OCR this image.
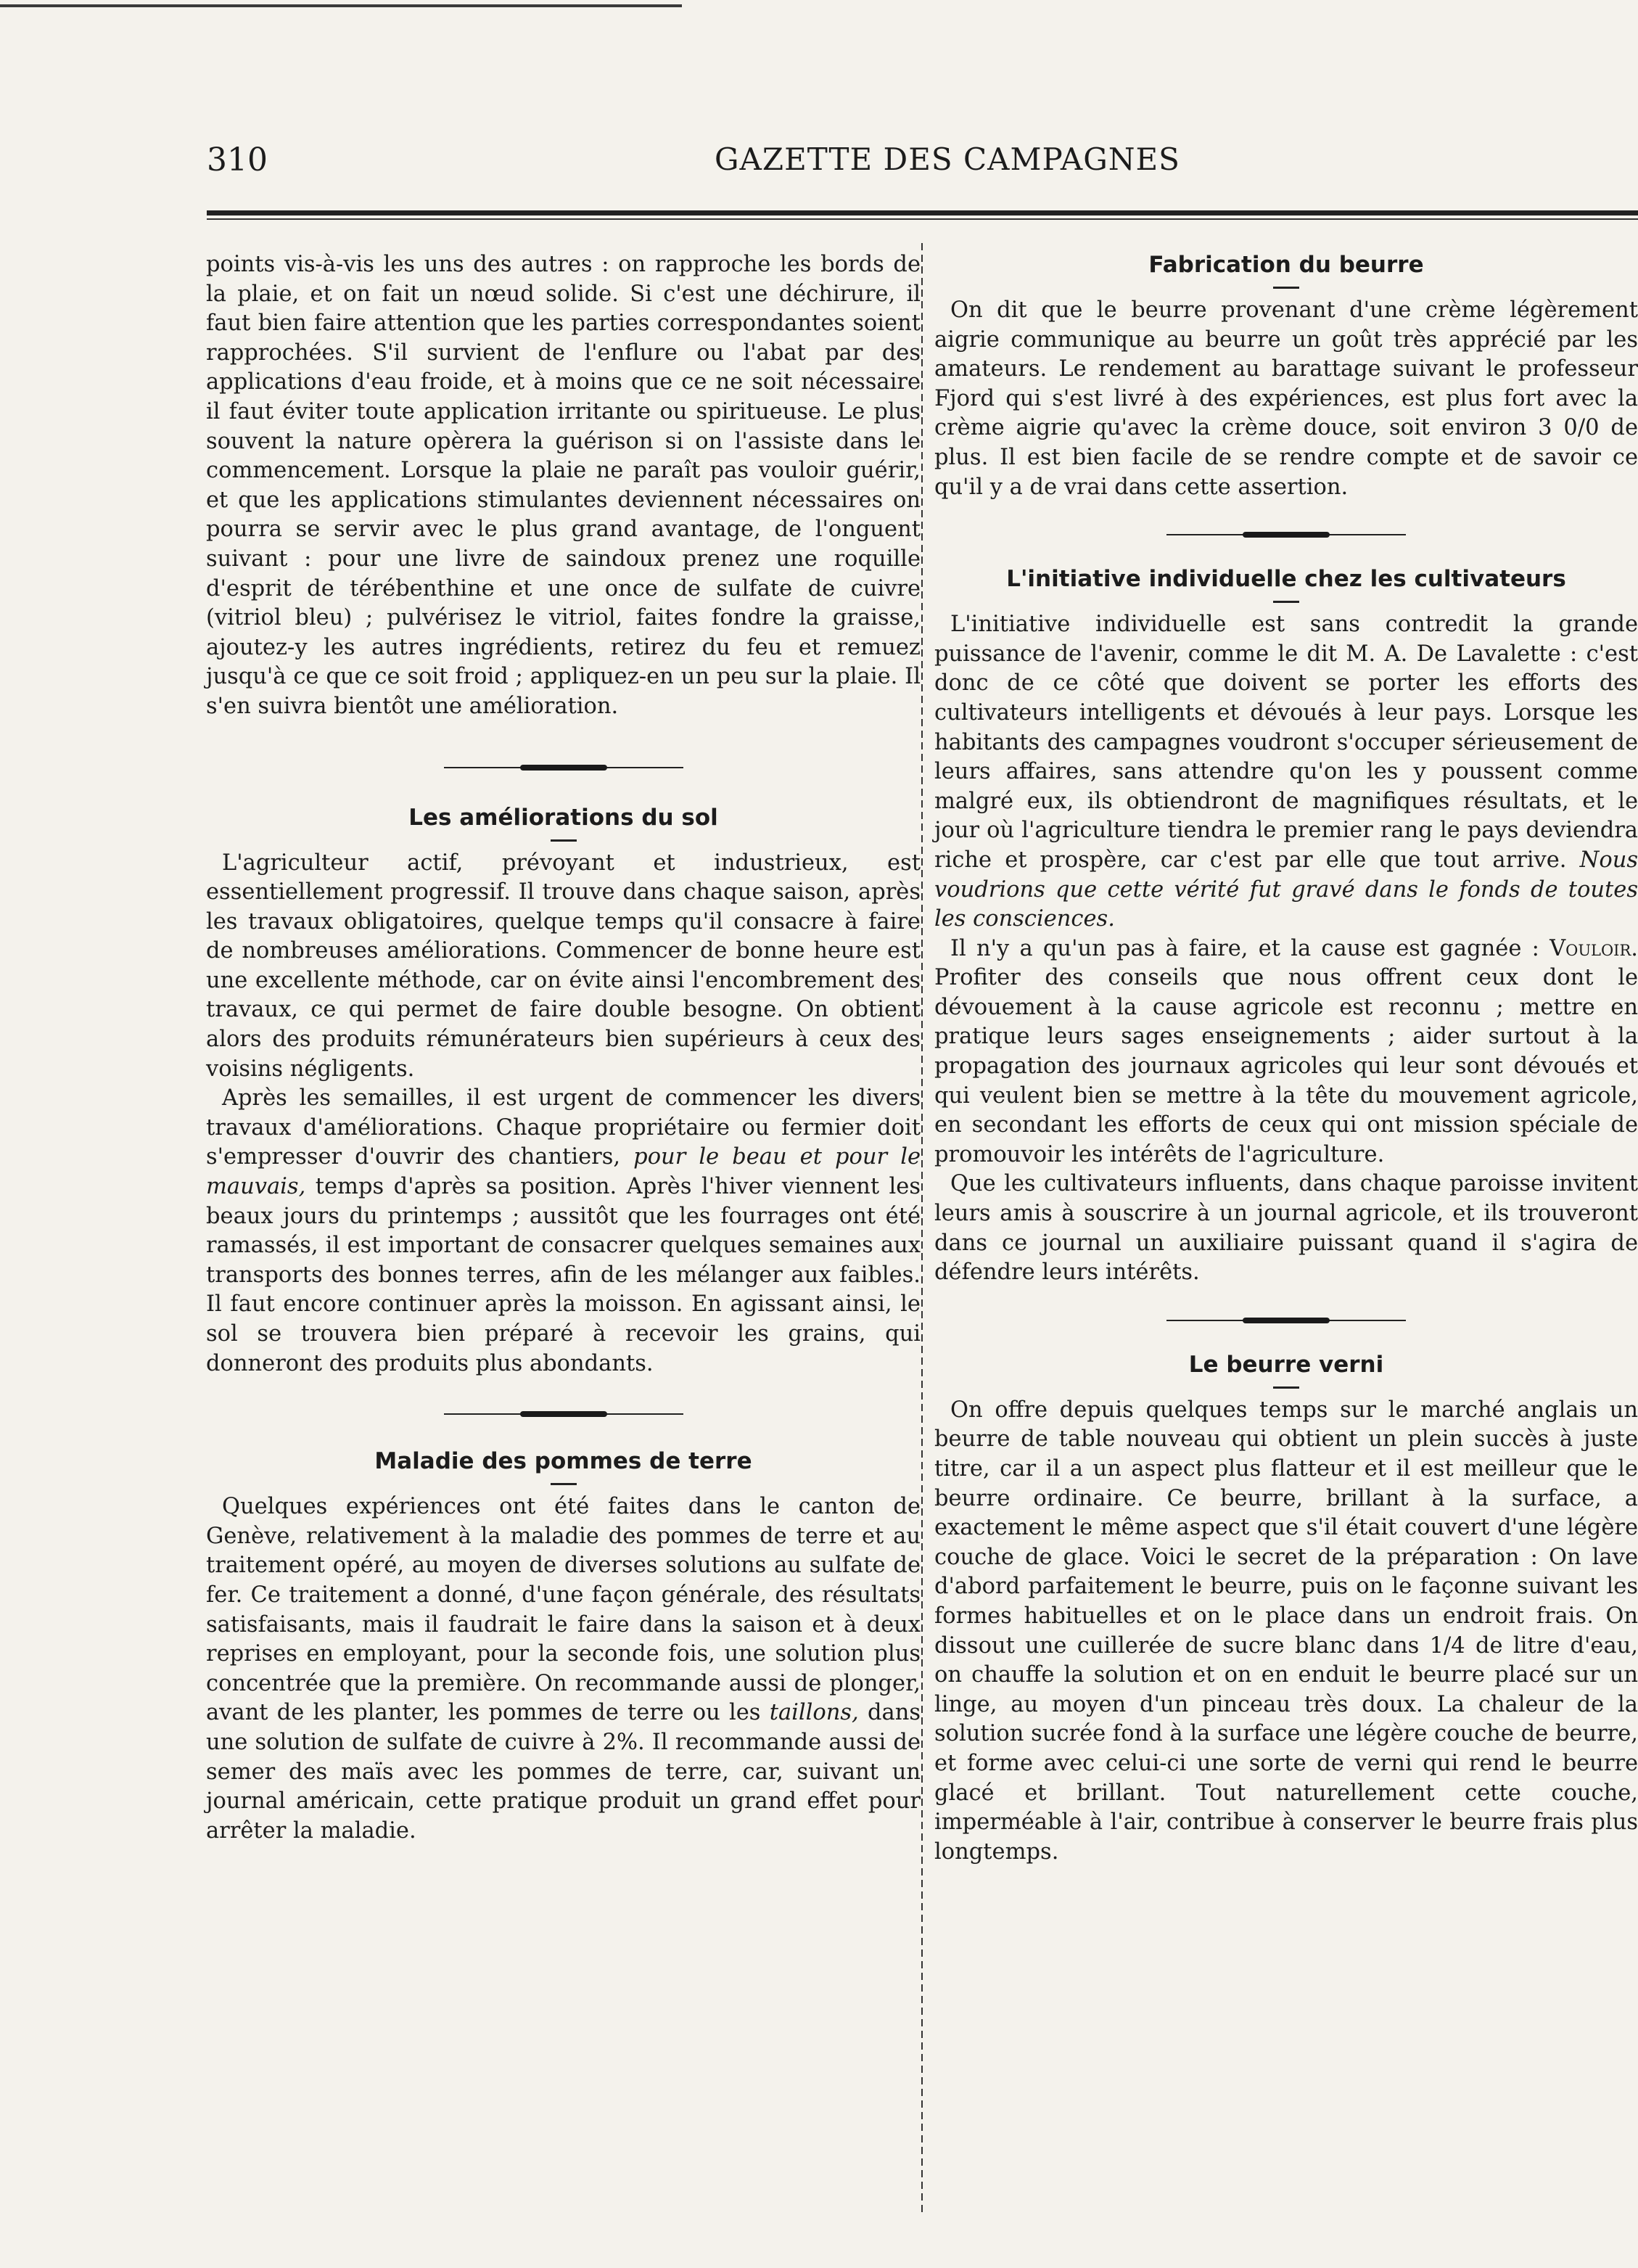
310	GAZETTE DES CAMPAGNES

points vis-à-vis les uns des autres : on rapproche les bords de la plaie, et on fait un nœud solide. Si c'est une déchirure, il faut bien faire attention que les parties correspondantes soient rapprochées. S'il survient de l'enflure ou l'abat par des applications d'eau froide, et à moins que ce ne soit nécessaire il faut éviter toute application irritante ou spiritueuse. Le plus souvent la nature opèrera la guérison si on l'assiste dans le commencement. Lorsque la plaie ne paraît pas vouloir guérir, et que les applications stimulantes deviennent nécessaires on pourra se servir avec le plus grand avantage, de l'onguent suivant : pour une livre de saindoux prenez une roquille d'esprit de térébenthine et une once de sulfate de cuivre (vitriol bleu) ; pulvérisez le vitriol, faites fondre la graisse, ajoutez-y les autres ingrédients, retirez du feu et remuez jusqu'à ce que ce soit froid ; appliquez-en un peu sur la plaie. Il s'en suivra bientôt une amélioration.

Les améliorations du sol

L'agriculteur actif, prévoyant et industrieux, est essentiellement progressif. Il trouve dans chaque saison, après les travaux obligatoires, quelque temps qu'il consacre à faire de nombreuses améliorations. Commencer de bonne heure est une excellente méthode, car on évite ainsi l'encombrement des travaux, ce qui permet de faire double besogne. On obtient alors des produits rémunérateurs bien supérieurs à ceux des voisins négligents.

Après les semailles, il est urgent de commencer les divers travaux d'améliorations. Chaque propriétaire ou fermier doit s'empresser d'ouvrir des chantiers, pour le beau et pour le mauvais, temps d'après sa position. Après l'hiver viennent les beaux jours du printemps ; aussitôt que les fourrages ont été ramassés, il est important de consacrer quelques semaines aux transports des bonnes terres, afin de les mélanger aux faibles. Il faut encore continuer après la moisson. En agissant ainsi, le sol se trouvera bien préparé à recevoir les grains, qui donneront des produits plus abondants.

Maladie des pommes de terre

Quelques expériences ont été faites dans le canton de Genève, relativement à la maladie des pommes de terre et au traitement opéré, au moyen de diverses solutions au sulfate de fer. Ce traitement a donné, d'une façon générale, des résultats satisfaisants, mais il faudrait le faire dans la saison et à deux reprises en employant, pour la seconde fois, une solution plus concentrée que la première. On recommande aussi de plonger, avant de les planter, les pommes de terre ou les taillons, dans une solution de sulfate de cuivre à 2%. Il recommande aussi de semer des maïs avec les pommes de terre, car, suivant un journal américain, cette pratique produit un grand effet pour arrêter la maladie.

Fabrication du beurre

On dit que le beurre provenant d'une crème légèrement aigrie communique au beurre un goût très apprécié par les amateurs. Le rendement au barattage suivant le professeur Fjord qui s'est livré à des expériences, est plus fort avec la crème aigrie qu'avec la crème douce, soit environ 3 0/0 de plus. Il est bien facile de se rendre compte et de savoir ce qu'il y a de vrai dans cette assertion.

L'initiative individuelle chez les cultivateurs

L'initiative individuelle est sans contredit la grande puissance de l'avenir, comme le dit M. A. De Lavalette : c'est donc de ce côté que doivent se porter les efforts des cultivateurs intelligents et dévoués à leur pays. Lorsque les habitants des campagnes voudront s'occuper sérieusement de leurs affaires, sans attendre qu'on les y poussent comme malgré eux, ils obtiendront de magnifiques résultats, et le jour où l'agriculture tiendra le premier rang le pays deviendra riche et prospère, car c'est par elle que tout arrive. Nous voudrions que cette vérité fut gravé dans le fonds de toutes les consciences.

Il n'y a qu'un pas à faire, et la cause est gagnée : Vouloir. Profiter des conseils que nous offrent ceux dont le dévouement à la cause agricole est reconnu ; mettre en pratique leurs sages enseignements ; aider surtout à la propagation des journaux agricoles qui leur sont dévoués et qui veulent bien se mettre à la tête du mouvement agricole, en secondant les efforts de ceux qui ont mission spéciale de promouvoir les intérêts de l'agriculture.

Que les cultivateurs influents, dans chaque paroisse invitent leurs amis à souscrire à un journal agricole, et ils trouveront dans ce journal un auxiliaire puissant quand il s'agira de défendre leurs intérêts.

Le beurre verni

On offre depuis quelques temps sur le marché anglais un beurre de table nouveau qui obtient un plein succès à juste titre, car il a un aspect plus flatteur et il est meilleur que le beurre ordinaire. Ce beurre, brillant à la surface, a exactement le même aspect que s'il était couvert d'une légère couche de glace. Voici le secret de la préparation : On lave d'abord parfaitement le beurre, puis on le façonne suivant les formes habituelles et on le place dans un endroit frais. On dissout une cuillerée de sucre blanc dans 1/4 de litre d'eau, on chauffe la solution et on en enduit le beurre placé sur un linge, au moyen d'un pinceau très doux. La chaleur de la solution sucrée fond à la surface une légère couche de beurre, et forme avec celui-ci une sorte de verni qui rend le beurre glacé et brillant. Tout naturellement cette couche, imperméable à l'air, contribue à conserver le beurre frais plus longtemps.
